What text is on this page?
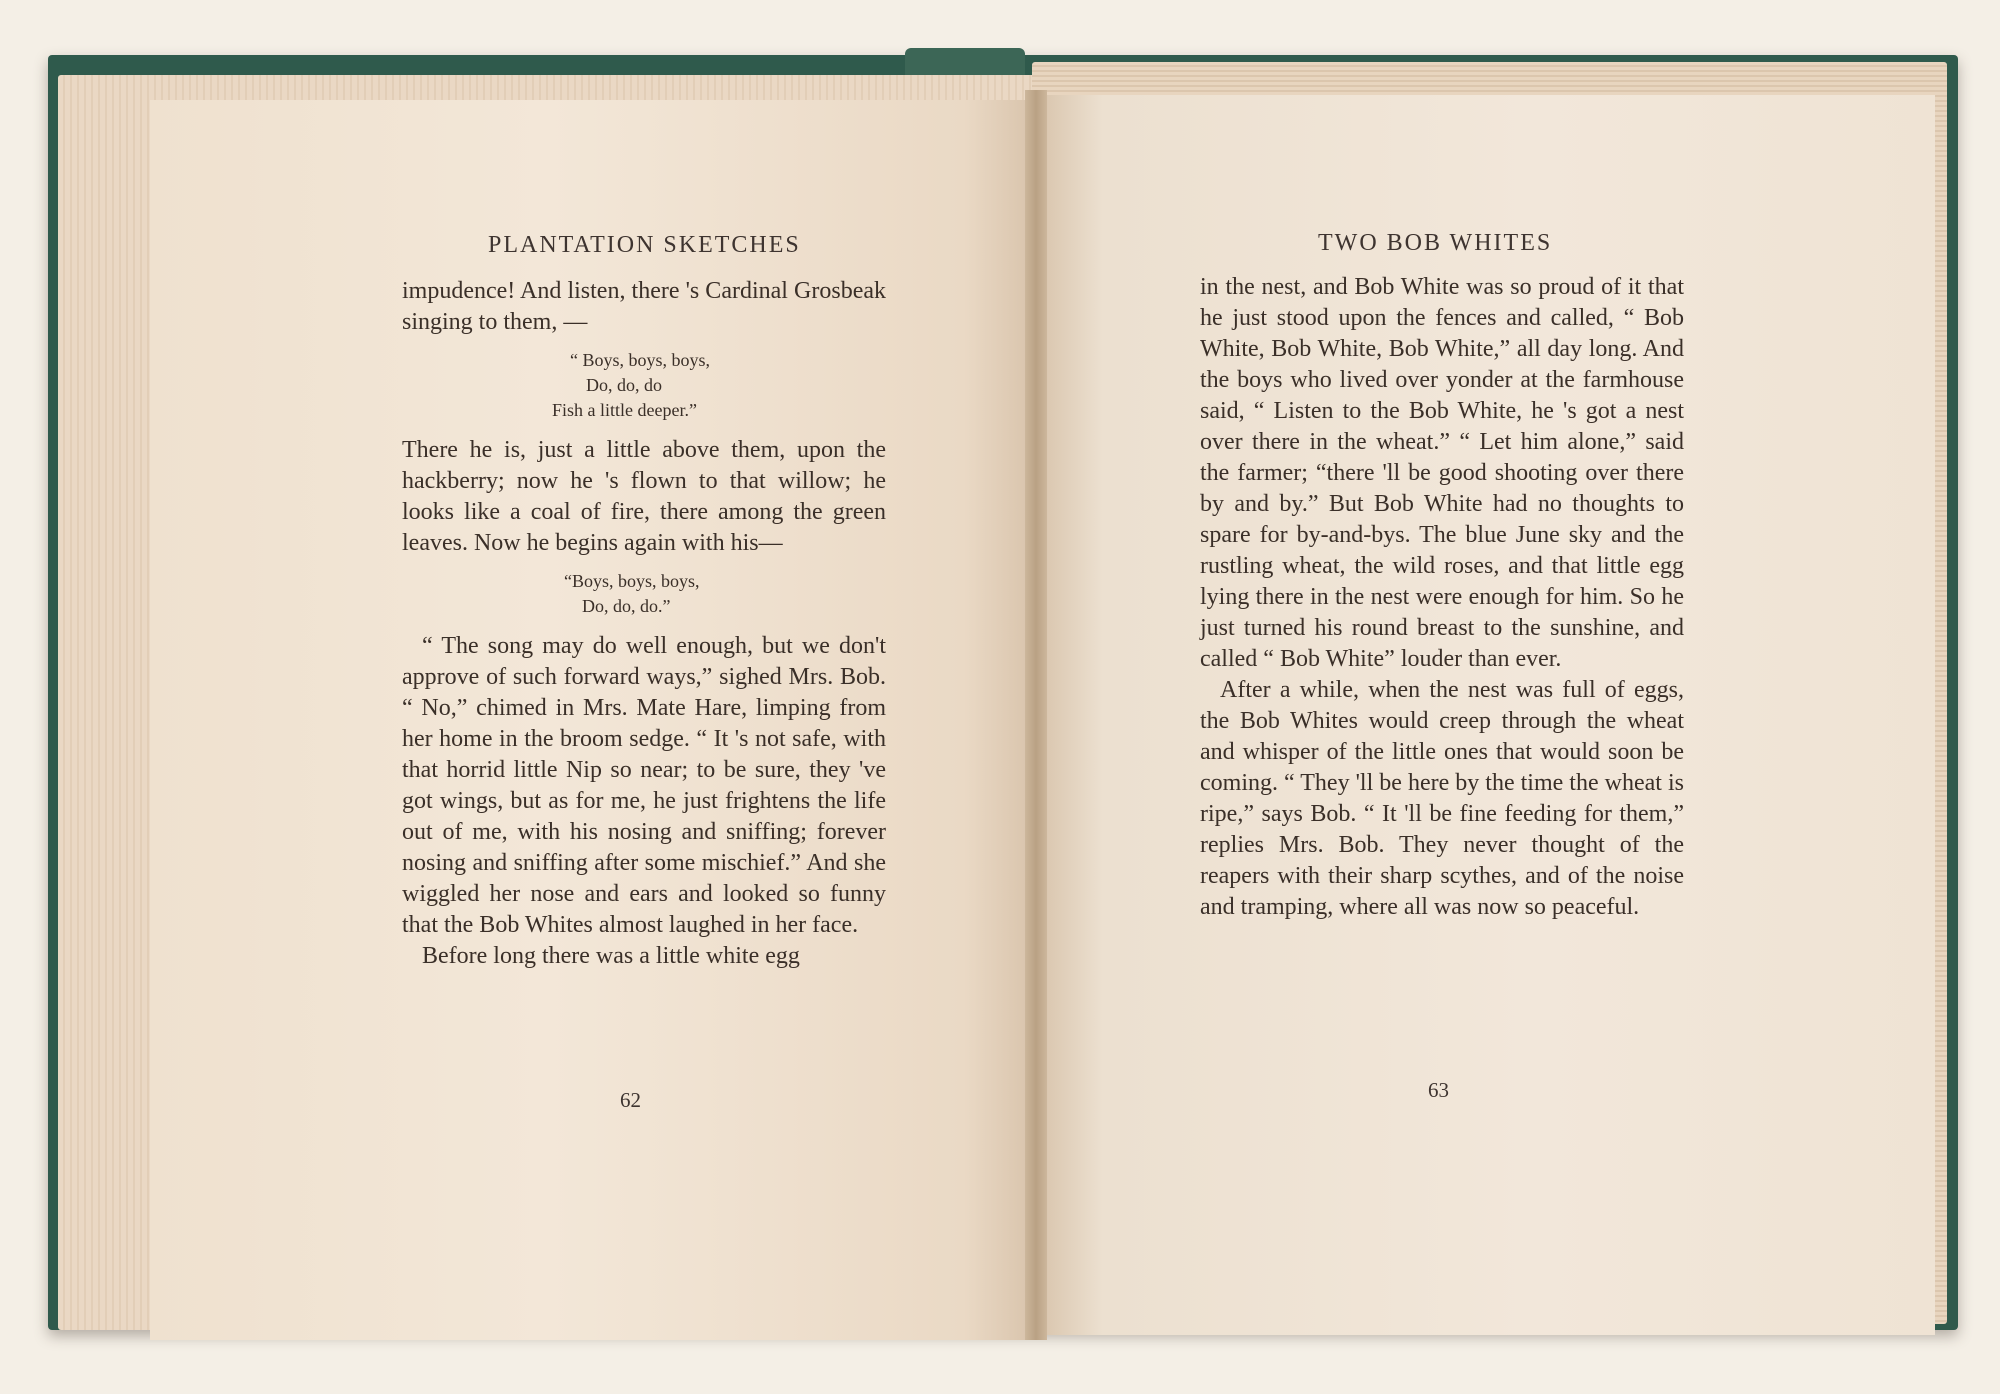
PLANTATION SKETCHES

impudence! And listen, there 's Cardinal Grosbeak singing to them, —

“ Boys, boys, boys,
Do, do, do
Fish a little deeper.”

There he is, just a little above them, upon the hackberry; now he 's flown to that willow; he looks like a coal of fire, there among the green leaves. Now he begins again with his—

“Boys, boys, boys,
Do, do, do.”

“ The song may do well enough, but we don't approve of such forward ways,” sighed Mrs. Bob. “ No,” chimed in Mrs. Mate Hare, limping from her home in the broom sedge. “ It 's not safe, with that horrid little Nip so near; to be sure, they 've got wings, but as for me, he just frightens the life out of me, with his nosing and sniffing; forever nosing and sniffing after some mischief.” And she wiggled her nose and ears and looked so funny that the Bob Whites almost laughed in her face.

Before long there was a little white egg

62
TWO BOB WHITES

in the nest, and Bob White was so proud of it that he just stood upon the fences and called, “ Bob White, Bob White, Bob White,” all day long. And the boys who lived over yonder at the farmhouse said, “ Listen to the Bob White, he 's got a nest over there in the wheat.” “ Let him alone,” said the farmer; “there 'll be good shooting over there by and by.” But Bob White had no thoughts to spare for by-and-bys. The blue June sky and the rustling wheat, the wild roses, and that little egg lying there in the nest were enough for him. So he just turned his round breast to the sunshine, and called “ Bob White” louder than ever.

After a while, when the nest was full of eggs, the Bob Whites would creep through the wheat and whisper of the little ones that would soon be coming. “ They 'll be here by the time the wheat is ripe,” says Bob. “ It 'll be fine feeding for them,” replies Mrs. Bob. They never thought of the reapers with their sharp scythes, and of the noise and tramping, where all was now so peaceful.

63
